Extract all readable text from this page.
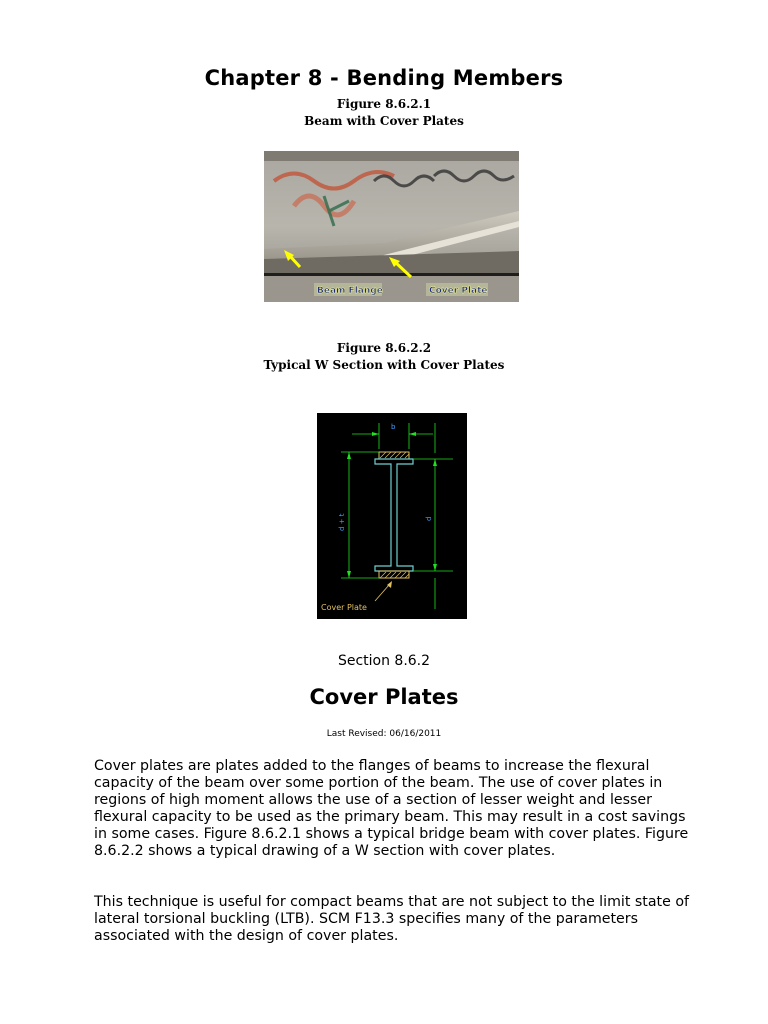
Chapter 8 - Bending Members
Figure 8.6.2.1
Beam with Cover Plates
Beam Flange	Cover Plate
Figure 8.6.2.2
Typical W Section with Cover Plates
b
d + t	d
Cover Plate
Section 8.6.2
Cover Plates
Last Revised: 06/16/2011

Cover plates are plates added to the flanges of beams to increase the flexural capacity of the beam over some portion of the beam. The use of cover plates in regions of high moment allows the use of a section of lesser weight and lesser flexural capacity to be used as the primary beam. This may result in a cost savings in some cases. Figure 8.6.2.1 shows a typical bridge beam with cover plates. Figure 8.6.2.2 shows a typical drawing of a W section with cover plates.

This technique is useful for compact beams that are not subject to the limit state of lateral torsional buckling (LTB). SCM F13.3 specifies many of the parameters associated with the design of cover plates.
